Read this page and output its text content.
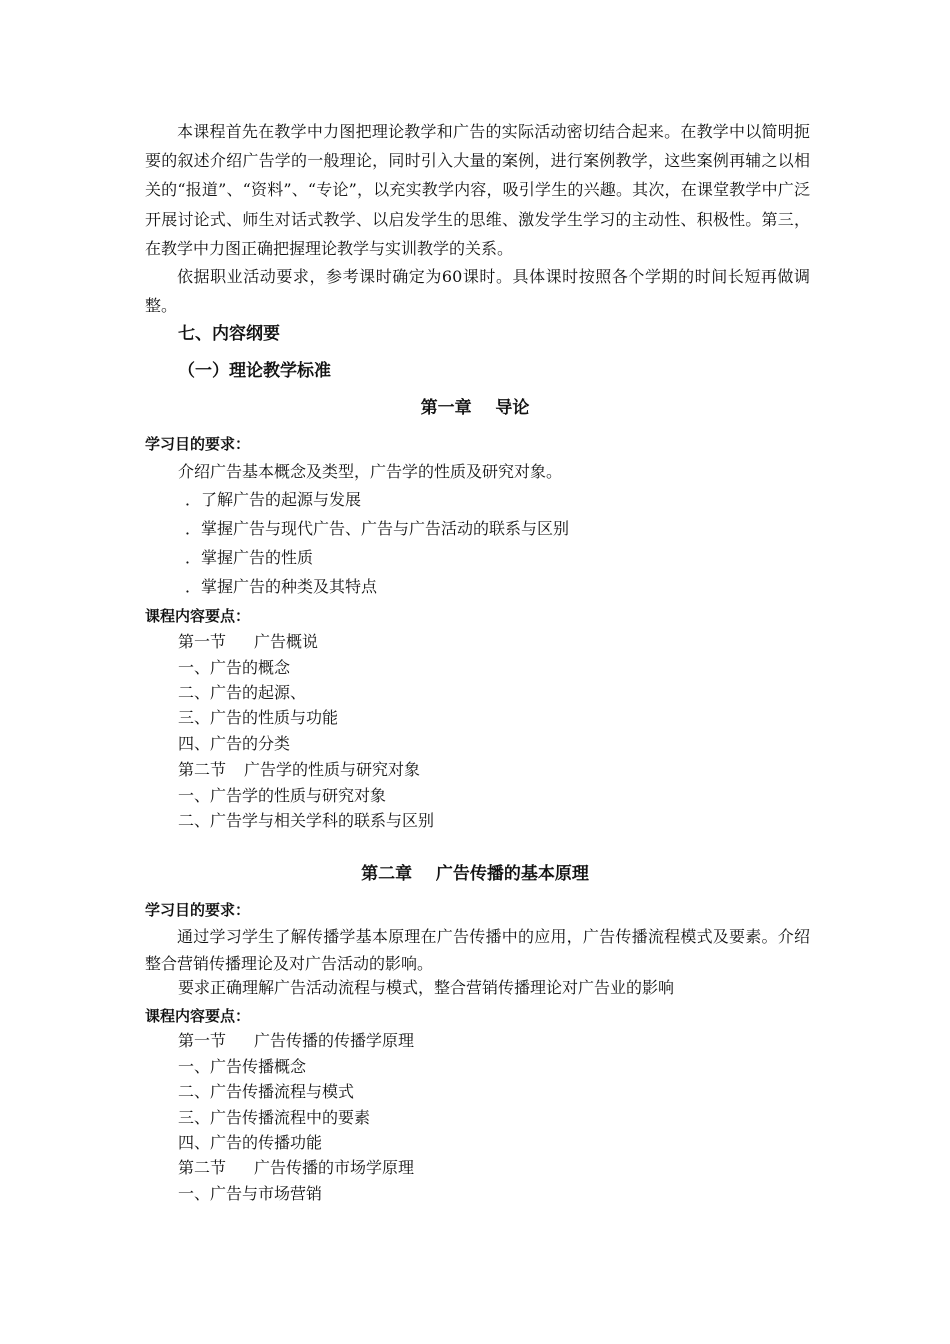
本课程首先在教学中力图把理论教学和广告的实际活动密切结合起来。在教学中以简明扼要的叙述介绍广告学的一般理论，同时引入大量的案例，进行案例教学，这些案例再辅之以相关的“报道”、“资料”、“专论”，以充实教学内容，吸引学生的兴趣。其次，在课堂教学中广泛开展讨论式、师生对话式教学、以启发学生的思维、激发学生学习的主动性、积极性。第三，在教学中力图正确把握理论教学与实训教学的关系。

依据职业活动要求，参考课时确定为60课时。具体课时按照各个学期的时间长短再做调整。

七、内容纲要

（一）理论教学标准

第一章    导论

学习目的要求：

介绍广告基本概念及类型，广告学的性质及研究对象。

．了解广告的起源与发展

．掌握广告与现代广告、广告与广告活动的联系与区别

．掌握广告的性质

．掌握广告的种类及其特点

课程内容要点：

第一节 广告概说

一、广告的概念

二、广告的起源、

三、广告的性质与功能

四、广告的分类

第二节 广告学的性质与研究对象

一、广告学的性质与研究对象

二、广告学与相关学科的联系与区别

第二章    广告传播的基本原理

学习目的要求：

通过学习学生了解传播学基本原理在广告传播中的应用，广告传播流程模式及要素。介绍整合营销传播理论及对广告活动的影响。

要求正确理解广告活动流程与模式，整合营销传播理论对广告业的影响

课程内容要点：

第一节 广告传播的传播学原理

一、广告传播概念

二、广告传播流程与模式

三、广告传播流程中的要素

四、广告的传播功能

第二节 广告传播的市场学原理

一、广告与市场营销
